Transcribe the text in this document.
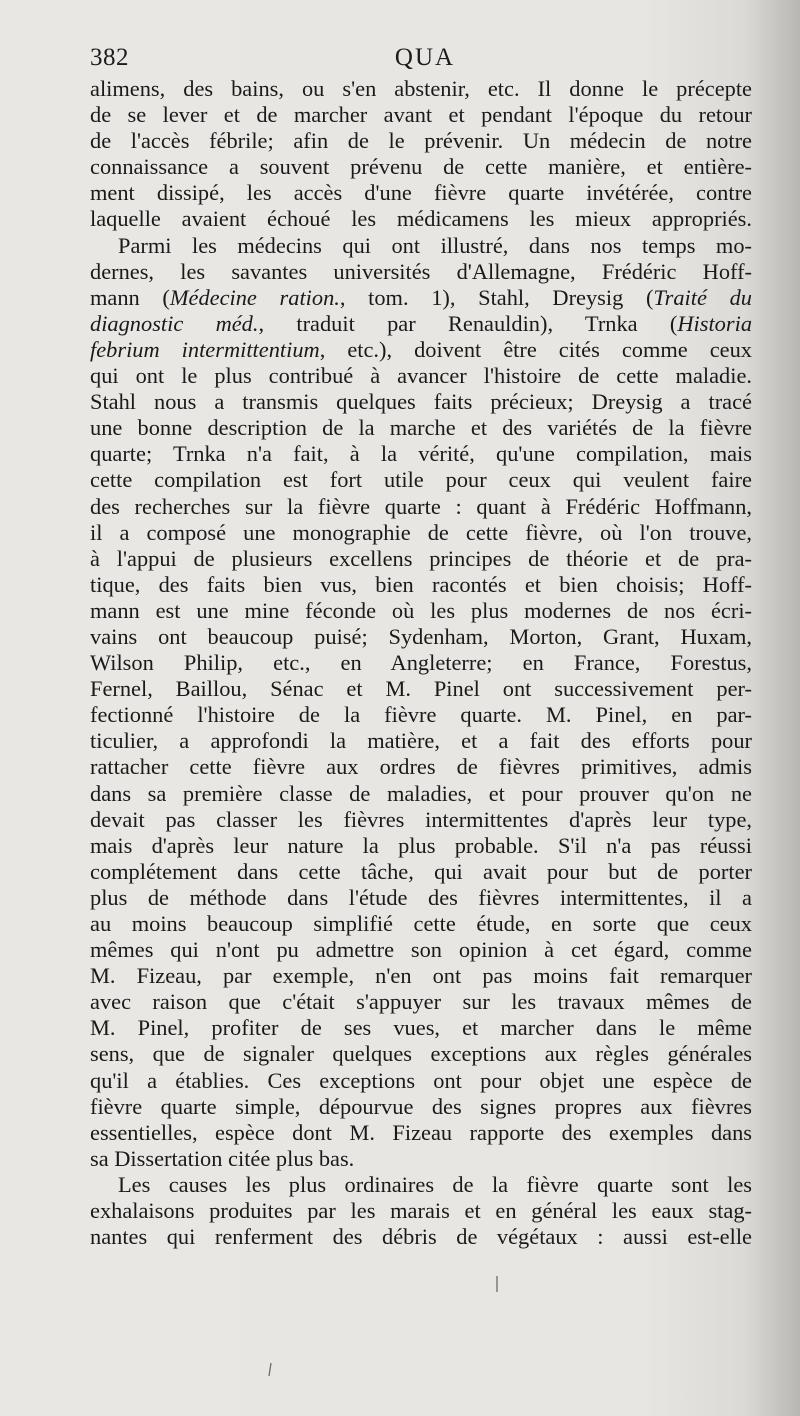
382	QUA
alimens, des bains, ou s'en abstenir, etc. Il donne le précepte
de se lever et de marcher avant et pendant l'époque du retour
de l'accès fébrile; afin de le prévenir. Un médecin de notre
connaissance a souvent prévenu de cette manière, et entière-
ment dissipé, les accès d'une fièvre quarte invétérée, contre
laquelle avaient échoué les médicamens les mieux appropriés.
Parmi les médecins qui ont illustré, dans nos temps mo-
dernes, les savantes universités d'Allemagne, Frédéric Hoff-
mann (Médecine ration., tom. 1), Stahl, Dreysig (Traité du
diagnostic méd., traduit par Renauldin), Trnka (Historia
febrium intermittentium, etc.), doivent être cités comme ceux
qui ont le plus contribué à avancer l'histoire de cette maladie.
Stahl nous a transmis quelques faits précieux; Dreysig a tracé
une bonne description de la marche et des variétés de la fièvre
quarte; Trnka n'a fait, à la vérité, qu'une compilation, mais
cette compilation est fort utile pour ceux qui veulent faire
des recherches sur la fièvre quarte : quant à Frédéric Hoffmann,
il a composé une monographie de cette fièvre, où l'on trouve,
à l'appui de plusieurs excellens principes de théorie et de pra-
tique, des faits bien vus, bien racontés et bien choisis; Hoff-
mann est une mine féconde où les plus modernes de nos écri-
vains ont beaucoup puisé; Sydenham, Morton, Grant, Huxam,
Wilson Philip, etc., en Angleterre; en France, Forestus,
Fernel, Baillou, Sénac et M. Pinel ont successivement per-
fectionné l'histoire de la fièvre quarte. M. Pinel, en par-
ticulier, a approfondi la matière, et a fait des efforts pour
rattacher cette fièvre aux ordres de fièvres primitives, admis
dans sa première classe de maladies, et pour prouver qu'on ne
devait pas classer les fièvres intermittentes d'après leur type,
mais d'après leur nature la plus probable. S'il n'a pas réussi
complétement dans cette tâche, qui avait pour but de porter
plus de méthode dans l'étude des fièvres intermittentes, il a
au moins beaucoup simplifié cette étude, en sorte que ceux
mêmes qui n'ont pu admettre son opinion à cet égard, comme
M. Fizeau, par exemple, n'en ont pas moins fait remarquer
avec raison que c'était s'appuyer sur les travaux mêmes de
M. Pinel, profiter de ses vues, et marcher dans le même
sens, que de signaler quelques exceptions aux règles générales
qu'il a établies. Ces exceptions ont pour objet une espèce de
fièvre quarte simple, dépourvue des signes propres aux fièvres
essentielles, espèce dont M. Fizeau rapporte des exemples dans
sa Dissertation citée plus bas.
Les causes les plus ordinaires de la fièvre quarte sont les
exhalaisons produites par les marais et en général les eaux stag-
nantes qui renferment des débris de végétaux : aussi est-elle
